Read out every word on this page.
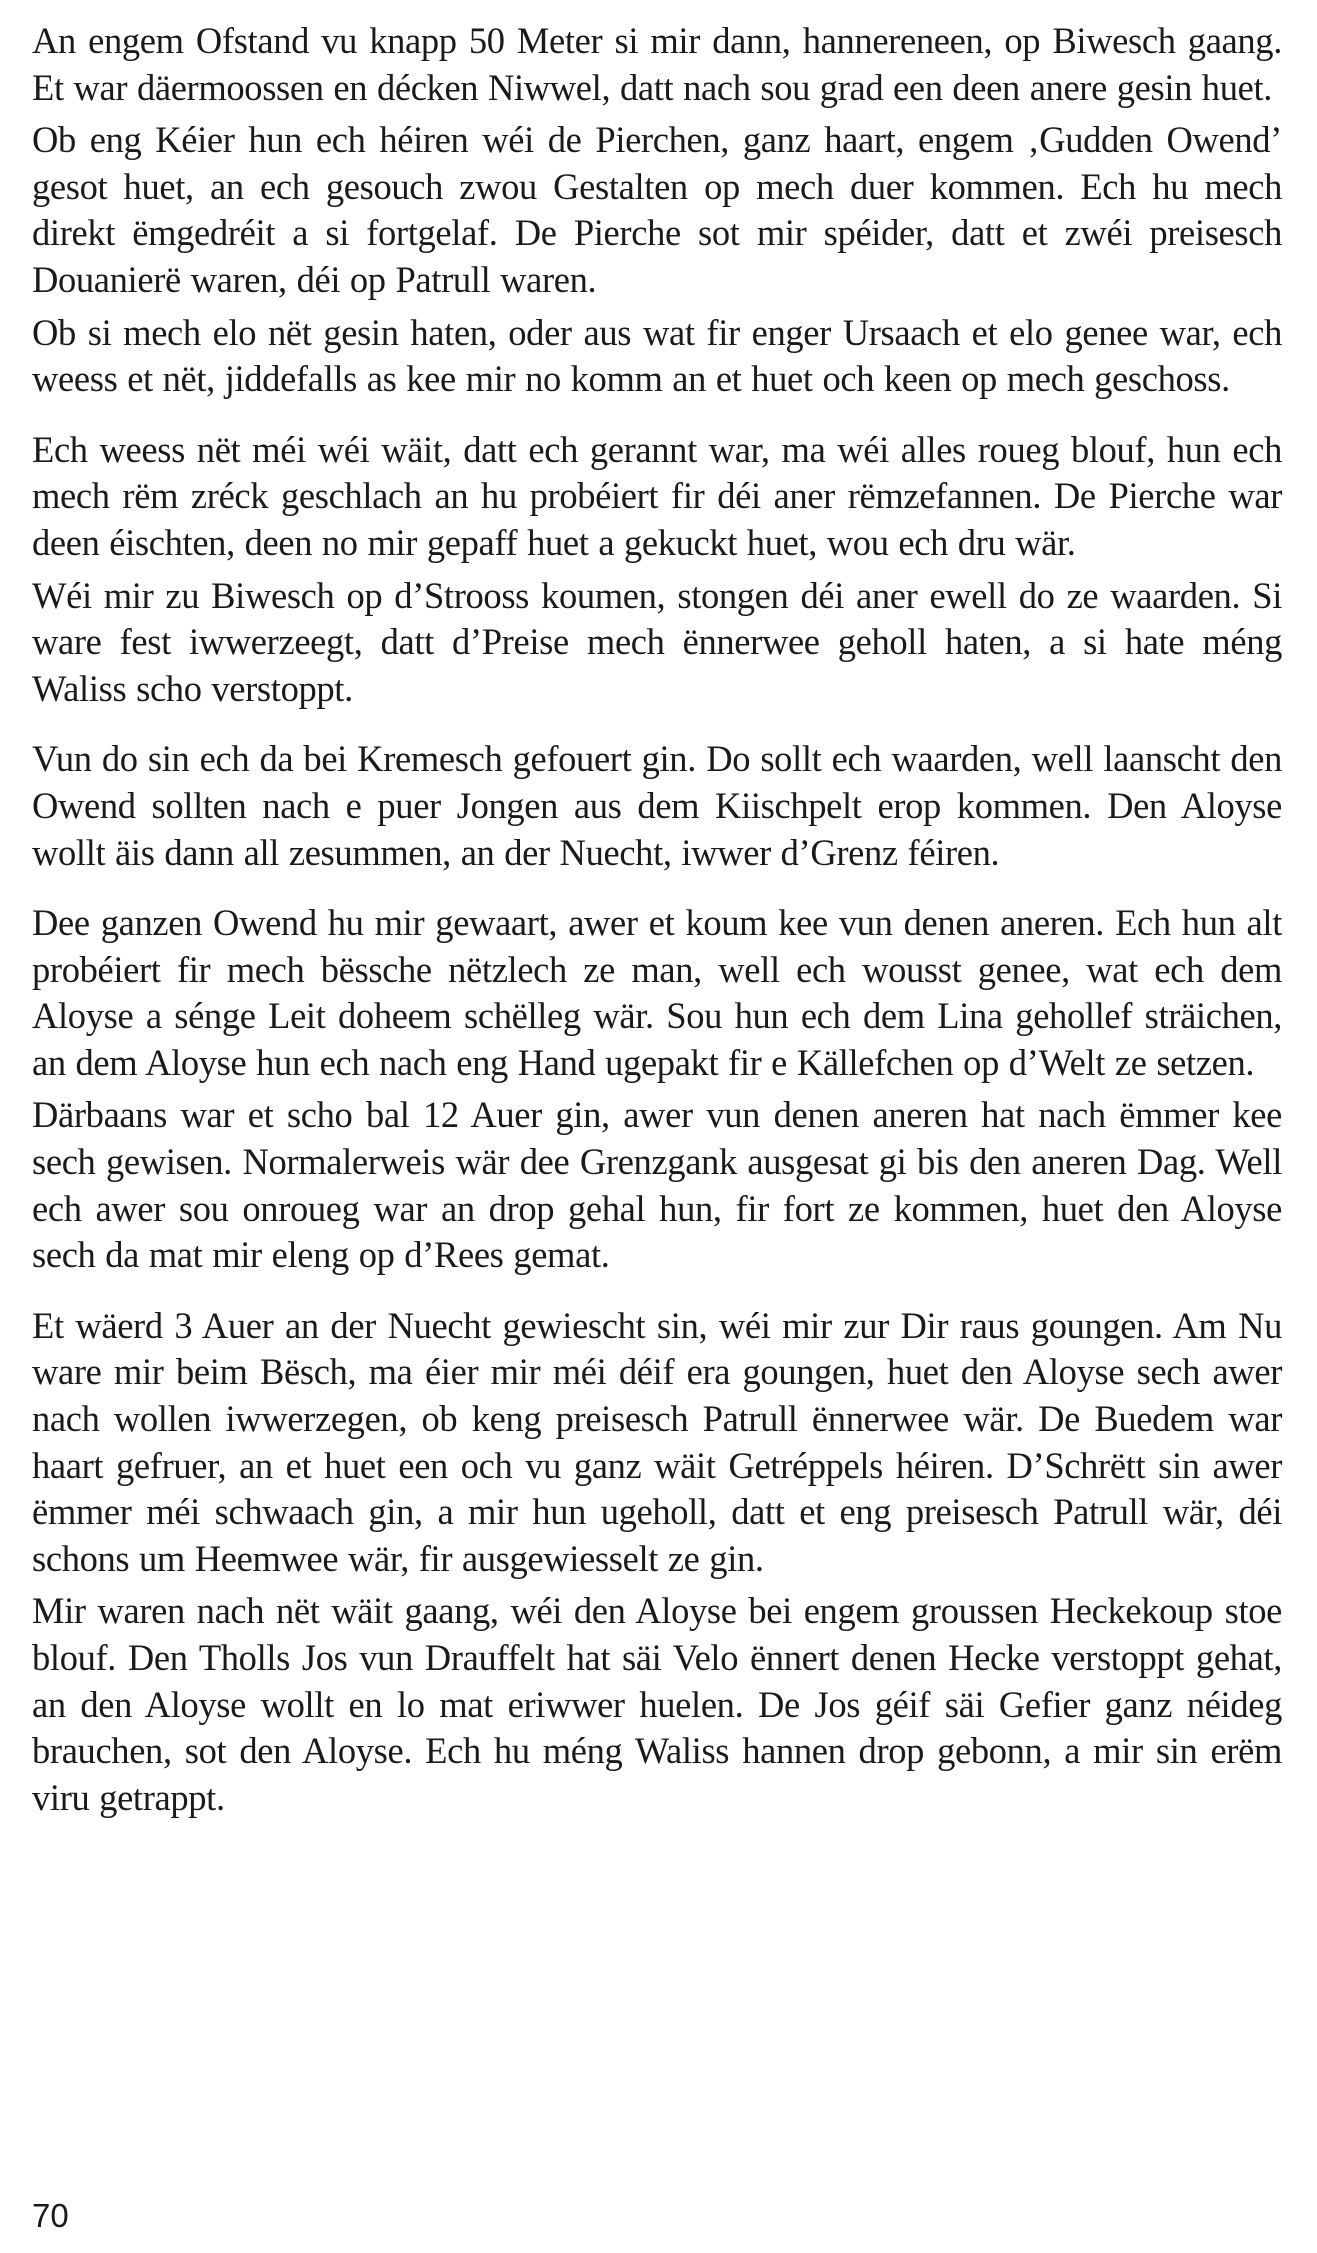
An engem Ofstand vu knapp 50 Meter si mir dann, hannereneen, op Biwesch gaang. Et war däermoossen en décken Niwwel, datt nach sou grad een deen anere gesin huet.

Ob eng Kéier hun ech héiren wéi de Pierchen, ganz haart, engem ‚Gudden Owend’ gesot huet, an ech gesouch zwou Gestalten op mech duer kommen. Ech hu mech direkt ëmgedréit a si fortgelaf. De Pierche sot mir spéider, datt et zwéi preisesch Douanierë waren, déi op Patrull waren.

Ob si mech elo nët gesin haten, oder aus wat fir enger Ursaach et elo genee war, ech weess et nët, jiddefalls as kee mir no komm an et huet och keen op mech geschoss.

Ech weess nët méi wéi wäit, datt ech gerannt war, ma wéi alles roueg blouf, hun ech mech rëm zréck geschlach an hu probéiert fir déi aner rëmzefannen. De Pierche war deen éischten, deen no mir gepaff huet a gekuckt huet, wou ech dru wär.

Wéi mir zu Biwesch op d’Strooss koumen, stongen déi aner ewell do ze waarden. Si ware fest iwwerzeegt, datt d’Preise mech ënnerwee geholl haten, a si hate méng Waliss scho verstoppt.

Vun do sin ech da bei Kremesch gefouert gin. Do sollt ech waarden, well laanscht den Owend sollten nach e puer Jongen aus dem Kiischpelt erop kommen. Den Aloyse wollt äis dann all zesummen, an der Nuecht, iwwer d’Grenz féiren.

Dee ganzen Owend hu mir gewaart, awer et koum kee vun denen aneren. Ech hun alt probéiert fir mech bëssche nëtzlech ze man, well ech wousst genee, wat ech dem Aloyse a séngе Leit doheem schëlleg wär. Sou hun ech dem Lina gehollef sträichen, an dem Aloyse hun ech nach eng Hand ugepakt fir e Källefchen op d’Welt ze setzen.

Därbaans war et scho bal 12 Auer gin, awer vun denen aneren hat nach ëmmer kee sech gewisen. Normalerweis wär dee Grenzgank ausgesat gi bis den aneren Dag. Well ech awer sou onroueg war an drop gehal hun, fir fort ze kommen, huet den Aloyse sech da mat mir eleng op d’Rees gemat.

Et wäerd 3 Auer an der Nuecht gewiescht sin, wéi mir zur Dir raus goungen. Am Nu ware mir beim Bësch, ma éier mir méi déif era goungen, huet den Aloyse sech awer nach wollen iwwerzegen, ob keng preisesch Patrull ënnerwee wär. De Buedem war haart gefruer, an et huet een och vu ganz wäit Getréppels héiren. D’Schrëtt sin awer ëmmer méi schwaach gin, a mir hun ugeholl, datt et eng preisesch Patrull wär, déi schons um Heemwee wär, fir ausgewiesselt ze gin.

Mir waren nach nët wäit gaang, wéi den Aloyse bei engem groussen Heckekoup stoe blouf. Den Tholls Jos vun Drauffelt hat säi Velo ënnert denen Hecke verstoppt gehat, an den Aloyse wollt en lo mat eriwwer huelen. De Jos géif säi Gefier ganz néideg brauchen, sot den Aloyse. Ech hu méng Waliss hannen drop gebonn, a mir sin erëm viru getrappt.

70
